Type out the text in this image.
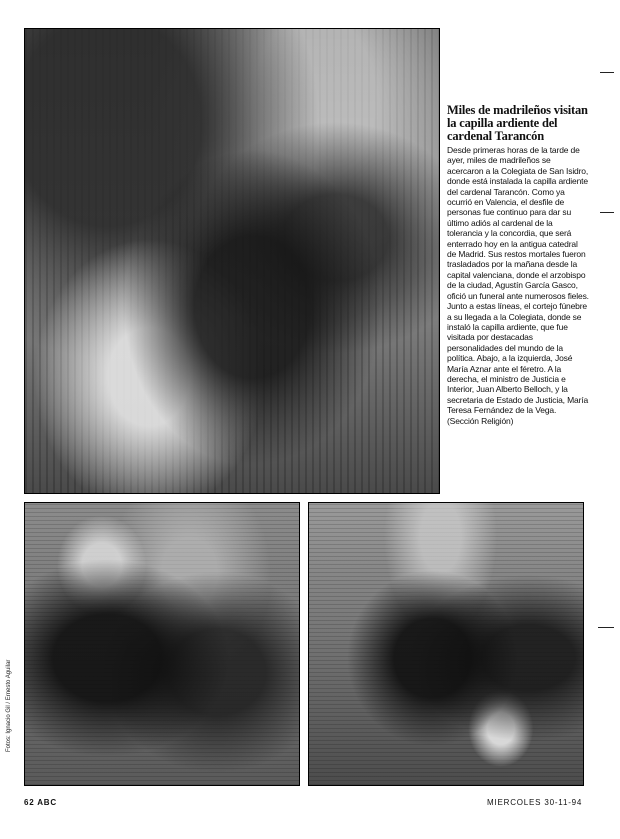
Fotos: Ignacio Gil / Ernesto Aguilar
Miles de madrileños visitan la capilla ardiente del cardenal Tarancón

Desde primeras horas de la tarde de ayer, miles de madrileños se acercaron a la Colegiata de San Isidro, donde está instalada la capilla ardiente del cardenal Tarancón. Como ya ocurrió en Valencia, el desfile de personas fue continuo para dar su último adiós al cardenal de la tolerancia y la concordia, que será enterrado hoy en la antigua catedral de Madrid. Sus restos mortales fueron trasladados por la mañana desde la capital valenciana, donde el arzobispo de la ciudad, Agustín García Gasco, ofició un funeral ante numerosos fieles. Junto a estas líneas, el cortejo fúnebre a su llegada a la Colegiata, donde se instaló la capilla ardiente, que fue visitada por destacadas personalidades del mundo de la política. Abajo, a la izquierda, José María Aznar ante el féretro. A la derecha, el ministro de Justicia e Interior, Juan Alberto Belloch, y la secretaria de Estado de Justicia, María Teresa Fernández de la Vega. (Sección Religión)

62 ABC	MIERCOLES 30-11-94
